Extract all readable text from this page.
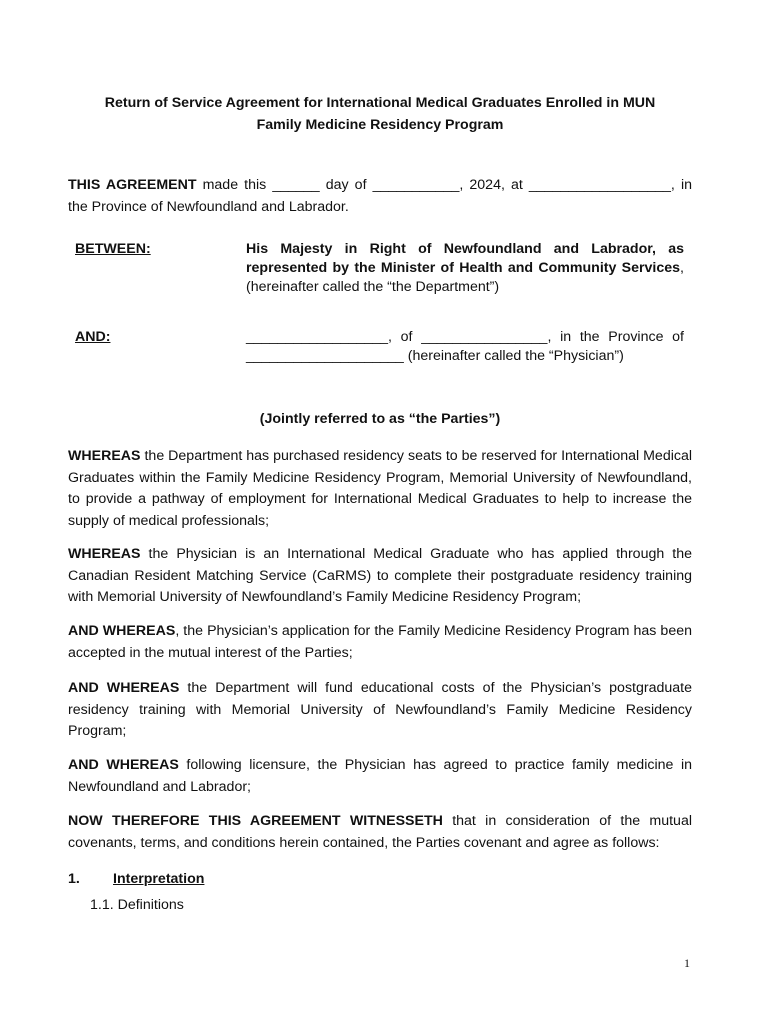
Return of Service Agreement for International Medical Graduates Enrolled in MUN
Family Medicine Residency Program
THIS AGREEMENT made this ______ day of ___________, 2024, at __________________, in the Province of Newfoundland and Labrador.
BETWEEN:	His Majesty in Right of Newfoundland and Labrador, as represented by the Minister of Health and Community Services, (hereinafter called the “the Department”)
AND:	__________________, of ________________, in the Province of ____________________ (hereinafter called the “Physician”)
(Jointly referred to as “the Parties”)
WHEREAS the Department has purchased residency seats to be reserved for International Medical Graduates within the Family Medicine Residency Program, Memorial University of Newfoundland, to provide a pathway of employment for International Medical Graduates to help to increase the supply of medical professionals;
WHEREAS the Physician is an International Medical Graduate who has applied through the Canadian Resident Matching Service (CaRMS) to complete their postgraduate residency training with Memorial University of Newfoundland’s Family Medicine Residency Program;
AND WHEREAS, the Physician’s application for the Family Medicine Residency Program has been accepted in the mutual interest of the Parties;
AND WHEREAS the Department will fund educational costs of the Physician’s postgraduate residency training with Memorial University of Newfoundland’s Family Medicine Residency Program;
AND WHEREAS following licensure, the Physician has agreed to practice family medicine in Newfoundland and Labrador;
NOW THEREFORE THIS AGREEMENT WITNESSETH that in consideration of the mutual covenants, terms, and conditions herein contained, the Parties covenant and agree as follows:
1. Interpretation
1.1. Definitions
1
